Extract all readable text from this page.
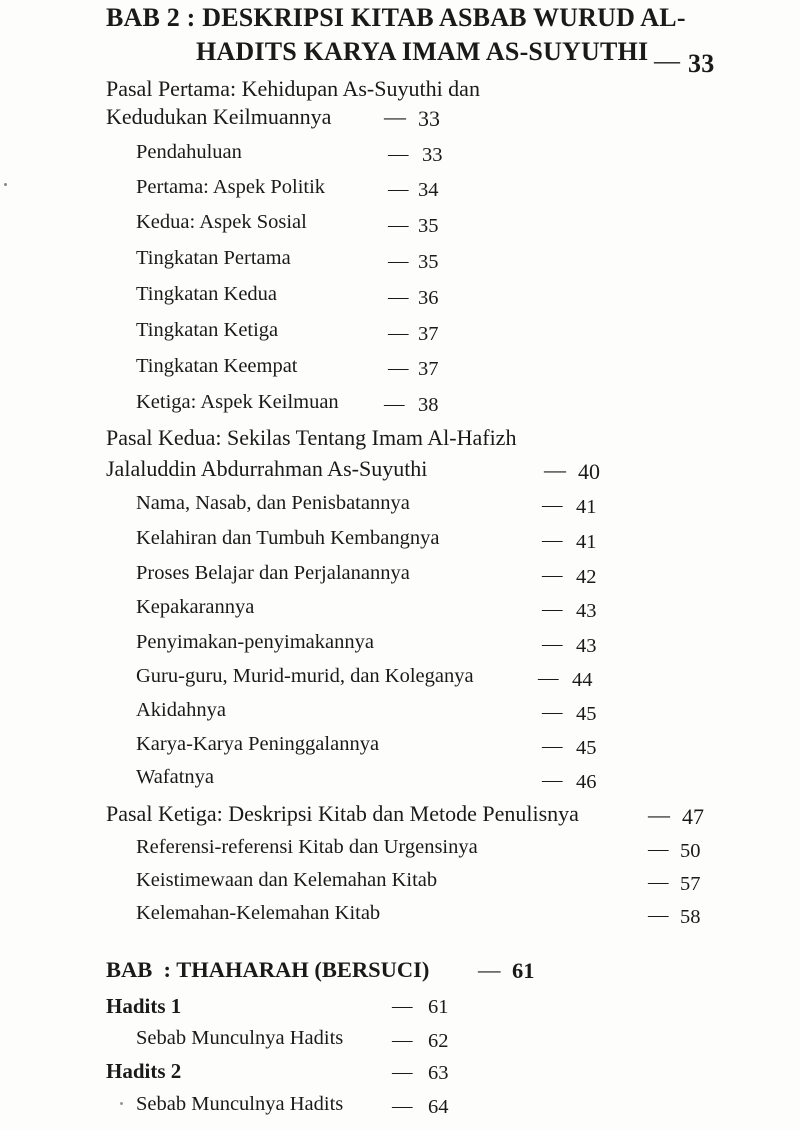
BAB 2 : DESKRIPSI KITAB ASBAB WURUD AL-
HADITS KARYA IMAM AS-SUYUTHI — 33
Pasal Pertama: Kehidupan As-Suyuthi dan
Kedudukan Keilmuannya — 33
Pendahuluan	— 33
Pertama: Aspek Politik	— 34
Kedua: Aspek Sosial	— 35
Tingkatan Pertama	— 35
Tingkatan Kedua	— 36
Tingkatan Ketiga	— 37
Tingkatan Keempat	— 37
Ketiga: Aspek Keilmuan — 38
Pasal Kedua: Sekilas Tentang Imam Al-Hafizh
Jalaluddin Abdurrahman As-Suyuthi	— 40
Nama, Nasab, dan Penisbatannya	— 41
Kelahiran dan Tumbuh Kembangnya	— 41
Proses Belajar dan Perjalanannya	— 42
Kepakarannya	— 43
Penyimakan-penyimakannya	— 43
Guru-guru, Murid-murid, dan Koleganya	— 44
Akidahnya	— 45
Karya-Karya Peninggalannya	— 45
Wafatnya	— 46
Pasal Ketiga: Deskripsi Kitab dan Metode Penulisnya	— 47
Referensi-referensi Kitab dan Urgensinya	— 50
Keistimewaan dan Kelemahan Kitab	— 57
Kelemahan-Kelemahan Kitab	— 58
BAB  : THAHARAH (BERSUCI) — 61
Hadits 1	— 61
Sebab Munculnya Hadits — 62
Hadits 2	— 63
Sebab Munculnya Hadits — 64
